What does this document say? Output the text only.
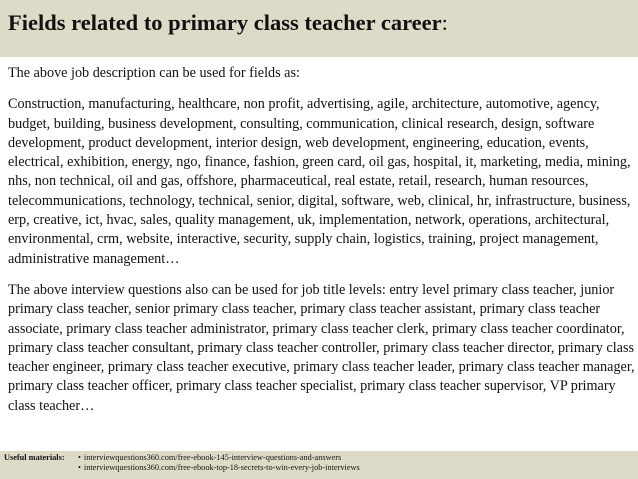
Fields related to primary class teacher career:

The above job description can be used for fields as:

Construction, manufacturing, healthcare, non profit, advertising, agile, architecture, automotive, agency, budget, building, business development, consulting, communication, clinical research, design, software development, product development, interior design, web development, engineering, education, events, electrical, exhibition, energy, ngo, finance, fashion, green card, oil gas, hospital, it, marketing, media, mining, nhs, non technical, oil and gas, offshore, pharmaceutical, real estate, retail, research, human resources, telecommunications, technology, technical, senior, digital, software, web, clinical, hr, infrastructure, business, erp, creative, ict, hvac, sales, quality management, uk, implementation, network, operations, architectural, environmental, crm, website, interactive, security, supply chain, logistics, training, project management, administrative management…

The above interview questions also can be used for job title levels: entry level primary class teacher, junior primary class teacher, senior primary class teacher, primary class teacher assistant, primary class teacher associate, primary class teacher administrator, primary class teacher clerk, primary class teacher coordinator, primary class teacher consultant, primary class teacher controller, primary class teacher director, primary class teacher engineer, primary class teacher executive, primary class teacher leader, primary class teacher manager, primary class teacher officer, primary class teacher specialist, primary class teacher supervisor, VP primary class teacher…

Useful materials:	• interviewquestions360.com/free-ebook-145-interview-questions-and-answers
• interviewquestions360.com/free-ebook-top-18-secrets-to-win-every-job-interviews
